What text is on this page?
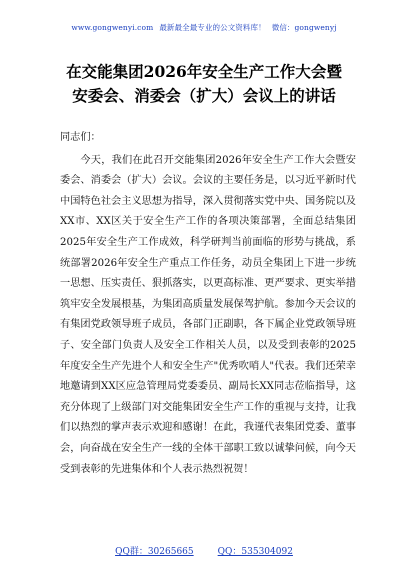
www.gongwenyi.com 最新最全最专业的公文资料库！ 微信：gongwenyj
在交能集团2026年安全生产工作大会暨
安委会、消委会（扩大）会议上的讲话

同志们：

今天，我们在此召开交能集团2026年安全生产工作大会暨安委会、消委会（扩大）会议。会议的主要任务是，以习近平新时代中国特色社会主义思想为指导，深入贯彻落实党中央、国务院以及XX市、XX区关于安全生产工作的各项决策部署，全面总结集团2025年安全生产工作成效，科学研判当前面临的形势与挑战，系统部署2026年安全生产重点工作任务，动员全集团上下进一步统一思想、压实责任、狠抓落实，以更高标准、更严要求、更实举措筑牢安全发展根基，为集团高质量发展保驾护航。参加今天会议的有集团党政领导班子成员，各部门正副职，各下属企业党政领导班子、安全部门负责人及安全工作相关人员，以及受到表彰的2025年度安全生产先进个人和安全生产"优秀吹哨人"代表。我们还荣幸地邀请到XX区应急管理局党委委员、副局长XX同志莅临指导，这充分体现了上级部门对交能集团安全生产工作的重视与支持，让我们以热烈的掌声表示欢迎和感谢！在此，我谨代表集团党委、董事会，向奋战在安全生产一线的全体干部职工致以诚挚问候，向今天受到表彰的先进集体和个人表示热烈祝贺！

QQ群：30265665	QQ：535304092
